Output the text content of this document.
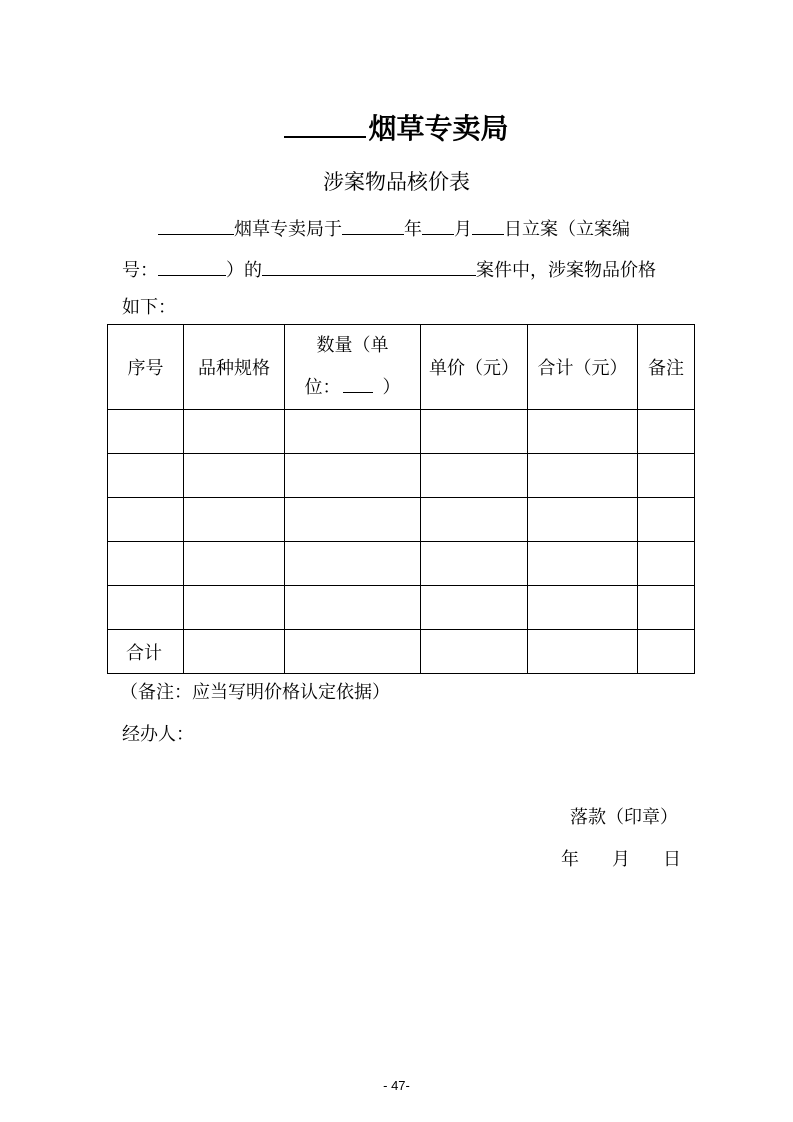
烟草专卖局
涉案物品核价表
烟草专卖局于	年 月 日立案（立案编
号：	）的	案件中，涉案物品价格
如下：
序号	品种规格	数量（单
位： ）	单价（元）	合计（元）	备注

合计					
（备注：应当写明价格认定依据）
经办人：
落款（印章）
年 月 日
- 47-
